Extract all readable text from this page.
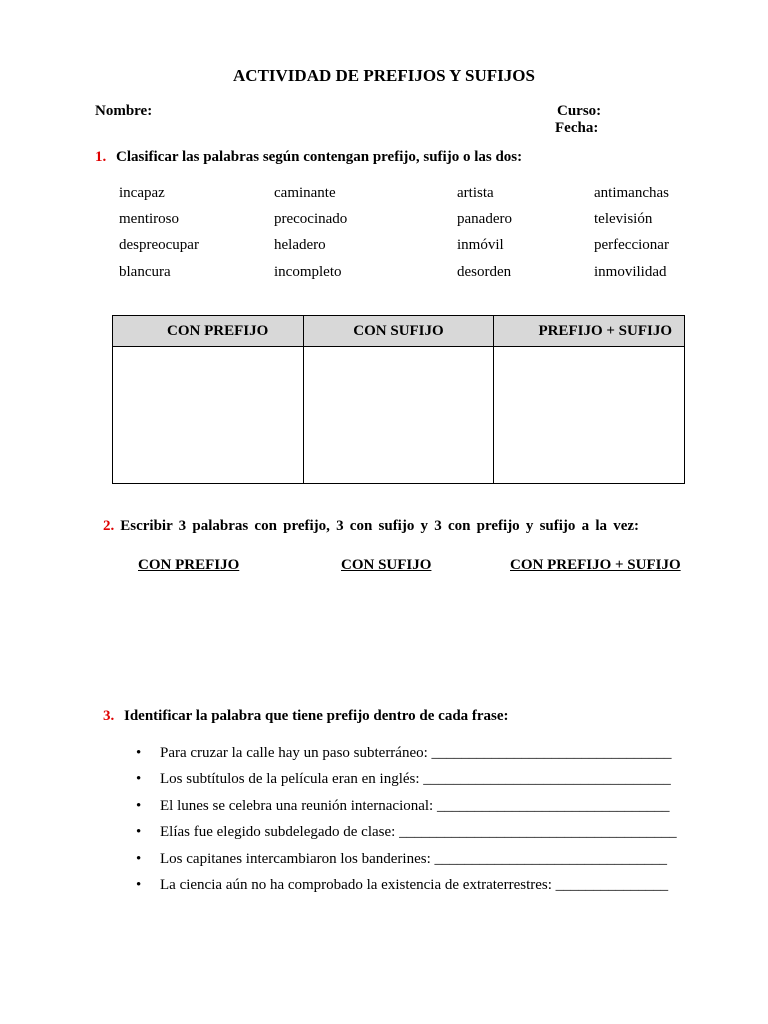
ACTIVIDAD DE PREFIJOS Y SUFIJOS
Nombre:	Curso:
Fecha:
1. Clasificar las palabras según contengan prefijo, sufijo o las dos:
incapaz	caminante	artista	antimanchas
mentiroso	precocinado	panadero	televisión
despreocupar	heladero	inmóvil	perfeccionar
blancura	incompleto	desorden	inmovilidad
CON PREFIJO	CON SUFIJO	PREFIJO + SUFIJO

2. Escribir 3 palabras con prefijo, 3 con sufijo y 3 con prefijo y sufijo a la vez:
CON PREFIJO	CON SUFIJO	CON PREFIJO + SUFIJO
3. Identificar la palabra que tiene prefijo dentro de cada frase:
• Para cruzar la calle hay un paso subterráneo: ________________________________
• Los subtítulos de la película eran en inglés: _________________________________
• El lunes se celebra una reunión internacional: _______________________________
• Elías fue elegido subdelegado de clase: _____________________________________
• Los capitanes intercambiaron los banderines: _______________________________
• La ciencia aún no ha comprobado la existencia de extraterrestres: _______________
